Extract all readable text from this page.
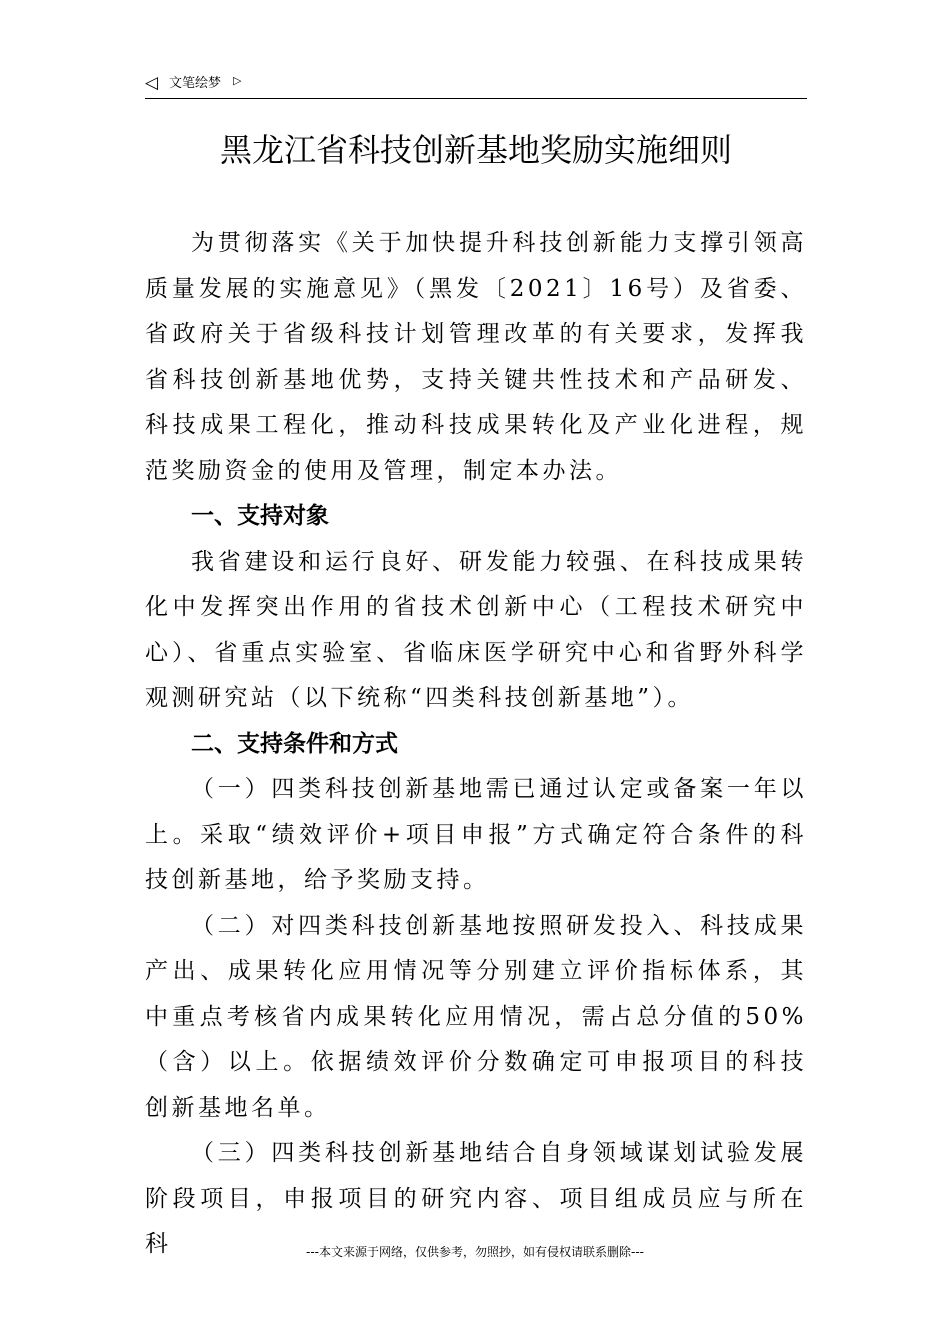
◁ 文笔绘梦 ▷
黑龙江省科技创新基地奖励实施细则

为贯彻落实《关于加快提升科技创新能力支撑引领高质量发展的实施意见》（黑发〔2021〕16号）及省委、省政府关于省级科技计划管理改革的有关要求，发挥我省科技创新基地优势，支持关键共性技术和产品研发、科技成果工程化，推动科技成果转化及产业化进程，规范奖励资金的使用及管理，制定本办法。

一、支持对象

我省建设和运行良好、研发能力较强、在科技成果转化中发挥突出作用的省技术创新中心（工程技术研究中心）、省重点实验室、省临床医学研究中心和省野外科学观测研究站（以下统称“四类科技创新基地”）。

二、支持条件和方式

（一）四类科技创新基地需已通过认定或备案一年以上。采取“绩效评价+项目申报”方式确定符合条件的科技创新基地，给予奖励支持。

（二）对四类科技创新基地按照研发投入、科技成果产出、成果转化应用情况等分别建立评价指标体系，其中重点考核省内成果转化应用情况，需占总分值的50%（含）以上。依据绩效评价分数确定可申报项目的科技创新基地名单。

（三）四类科技创新基地结合自身领域谋划试验发展阶段项目，申报项目的研究内容、项目组成员应与所在科	---本文来源于网络，仅供参考，勿照抄，如有侵权请联系删除---
